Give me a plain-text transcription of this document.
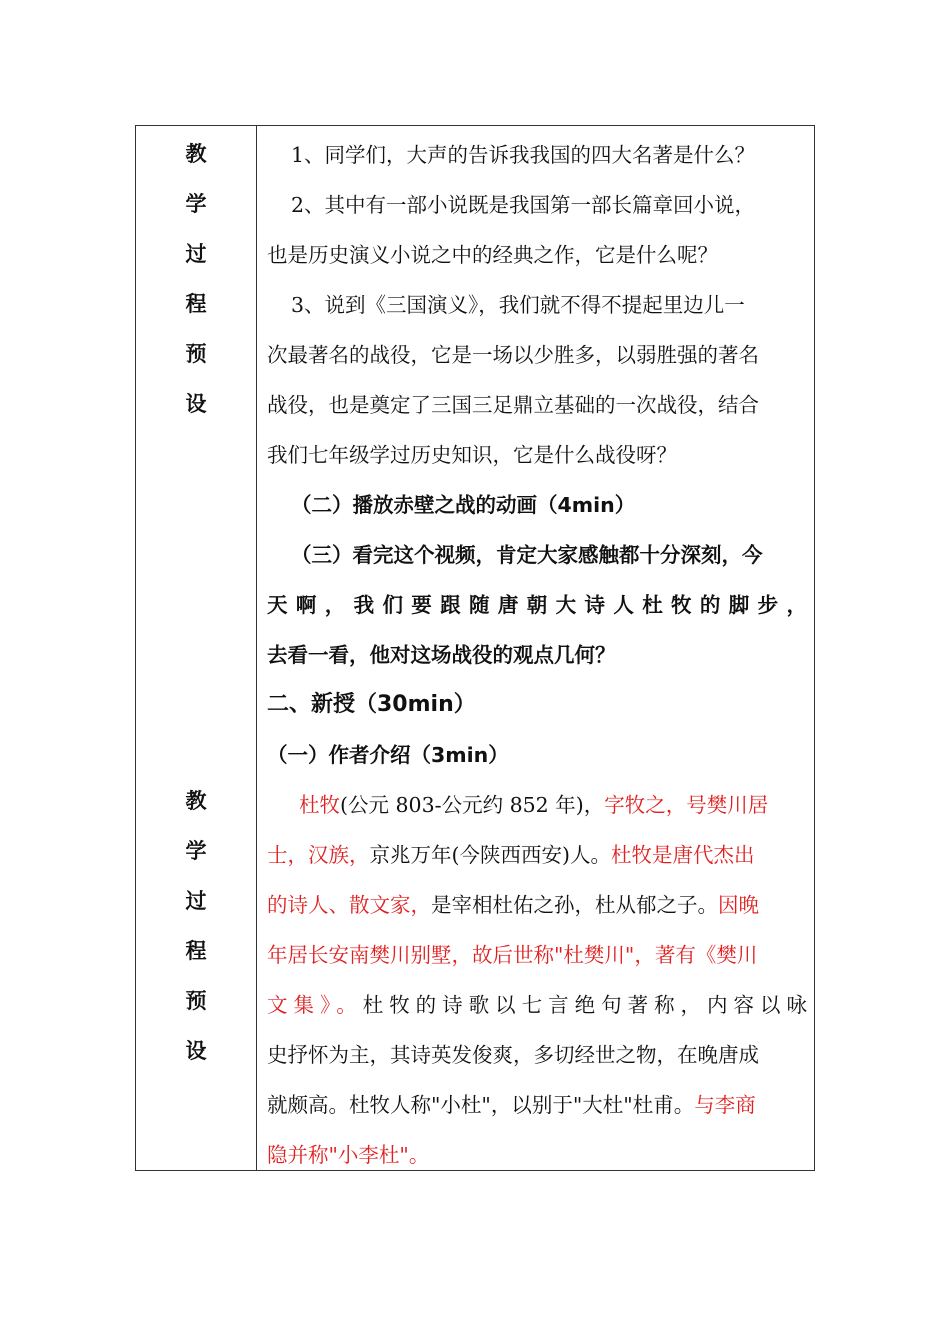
教
学
过
程
预
设
教
学
过
程
预
设
1、同学们，大声的告诉我我国的四大名著是什么？
2、其中有一部小说既是我国第一部长篇章回小说，
也是历史演义小说之中的经典之作，它是什么呢？
3、说到《三国演义》，我们就不得不提起里边儿一
次最著名的战役，它是一场以少胜多，以弱胜强的著名
战役，也是奠定了三国三足鼎立基础的一次战役，结合
我们七年级学过历史知识，它是什么战役呀？
（二）播放赤壁之战的动画（4min）
（三）看完这个视频，肯定大家感触都十分深刻，今
天啊，我们要跟随唐朝大诗人杜牧的脚步，
去看一看，他对这场战役的观点几何？
二、新授（30min）
（一）作者介绍（3min）
杜牧(公元 803-公元约 852 年)，字牧之，号樊川居
士，汉族，京兆万年(今陕西西安)人。杜牧是唐代杰出
的诗人、散文家，是宰相杜佑之孙，杜从郁之子。因晚
年居长安南樊川别墅，故后世称"杜樊川"，著有《樊川
文集》。杜牧的诗歌以七言绝句著称，内容以咏
史抒怀为主，其诗英发俊爽，多切经世之物，在晚唐成
就颇高。杜牧人称"小杜"，以别于"大杜"杜甫。与李商
隐并称"小李杜"。
